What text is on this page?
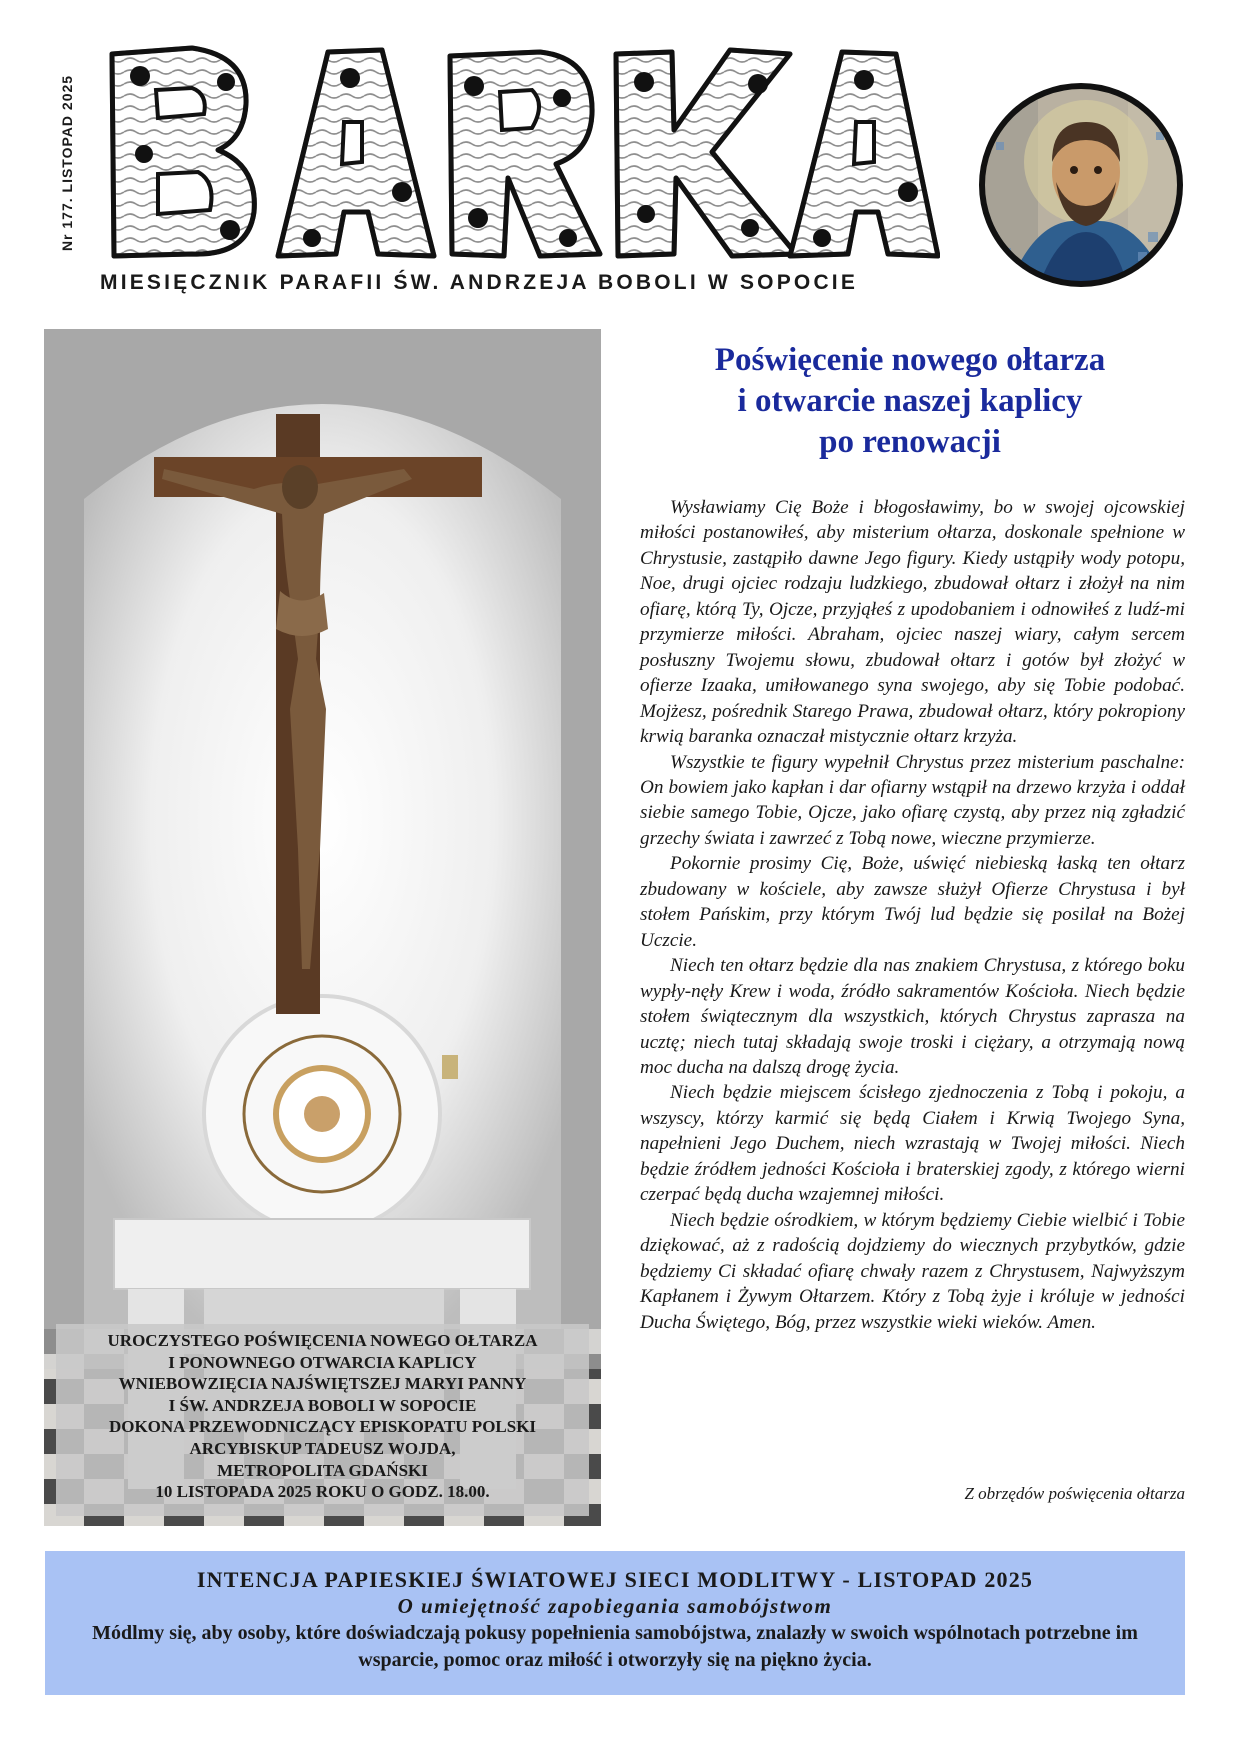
Nr 177. LISTOPAD 2025
MIESIĘCZNIK PARAFII ŚW. ANDRZEJA BOBOLI W SOPOCIE
UROCZYSTEGO POŚWIĘCENIA NOWEGO OŁTARZA
I PONOWNEGO OTWARCIA KAPLICY
WNIEBOWZIĘCIA NAJŚWIĘTSZEJ MARYI PANNY
I ŚW. ANDRZEJA BOBOLI W SOPOCIE
DOKONA PRZEWODNICZĄCY EPISKOPATU POLSKI
ARCYBISKUP TADEUSZ WOJDA,
METROPOLITA GDAŃSKI
10 LISTOPADA 2025 ROKU O GODZ. 18.00.
Poświęcenie nowego ołtarza
i otwarcie naszej kaplicy
po renowacji

Wysławiamy Cię Boże i błogosławimy, bo w swojej ojcowskiej miłości postanowiłeś, aby misterium ołtarza, doskonale spełnione w Chrystusie, zastąpiło dawne Jego figury. Kiedy ustąpiły wody potopu, Noe, drugi ojciec rodzaju ludzkiego, zbudował ołtarz i złożył na nim ofiarę, którą Ty, Ojcze, przyjąłeś z upodobaniem i odnowiłeś z ludź-mi przymierze miłości. Abraham, ojciec naszej wiary, całym sercem posłuszny Twojemu słowu, zbudował ołtarz i gotów był złożyć w ofierze Izaaka, umiłowanego syna swojego, aby się Tobie podobać. Mojżesz, pośrednik Starego Prawa, zbudował ołtarz, który pokropiony krwią baranka oznaczał mistycznie ołtarz krzyża.

Wszystkie te figury wypełnił Chrystus przez misterium paschalne: On bowiem jako kapłan i dar ofiarny wstąpił na drzewo krzyża i oddał siebie samego Tobie, Ojcze, jako ofiarę czystą, aby przez nią zgładzić grzechy świata i zawrzeć z Tobą nowe, wieczne przymierze.

Pokornie prosimy Cię, Boże, uświęć niebieską łaską ten ołtarz zbudowany w kościele, aby zawsze służył Ofierze Chrystusa i był stołem Pańskim, przy którym Twój lud będzie się posilał na Bożej Uczcie.

Niech ten ołtarz będzie dla nas znakiem Chrystusa, z którego boku wypły-nęły Krew i woda, źródło sakramentów Kościoła. Niech będzie stołem świątecznym dla wszystkich, których Chrystus zaprasza na ucztę; niech tutaj składają swoje troski i ciężary, a otrzymają nową moc ducha na dalszą drogę życia.

Niech będzie miejscem ścisłego zjednoczenia z Tobą i pokoju, a wszyscy, którzy karmić się będą Ciałem i Krwią Twojego Syna, napełnieni Jego Duchem, niech wzrastają w Twojej miłości. Niech będzie źródłem jedności Kościoła i braterskiej zgody, z którego wierni czerpać będą ducha wzajemnej miłości.

Niech będzie ośrodkiem, w którym będziemy Ciebie wielbić i Tobie dziękować, aż z radością dojdziemy do wiecznych przybytków, gdzie będziemy Ci składać ofiarę chwały razem z Chrystusem, Najwyższym Kapłanem i Żywym Ołtarzem. Który z Tobą żyje i króluje w jedności Ducha Świętego, Bóg, przez wszystkie wieki wieków. Amen.

Z obrzędów poświęcenia ołtarza
INTENCJA PAPIESKIEJ ŚWIATOWEJ SIECI MODLITWY - LISTOPAD 2025
O umiejętność zapobiegania samobójstwom
Módlmy się, aby osoby, które doświadczają pokusy popełnienia samobójstwa, znalazły w swoich wspólnotach potrzebne im wsparcie, pomoc oraz miłość i otworzyły się na piękno życia.
